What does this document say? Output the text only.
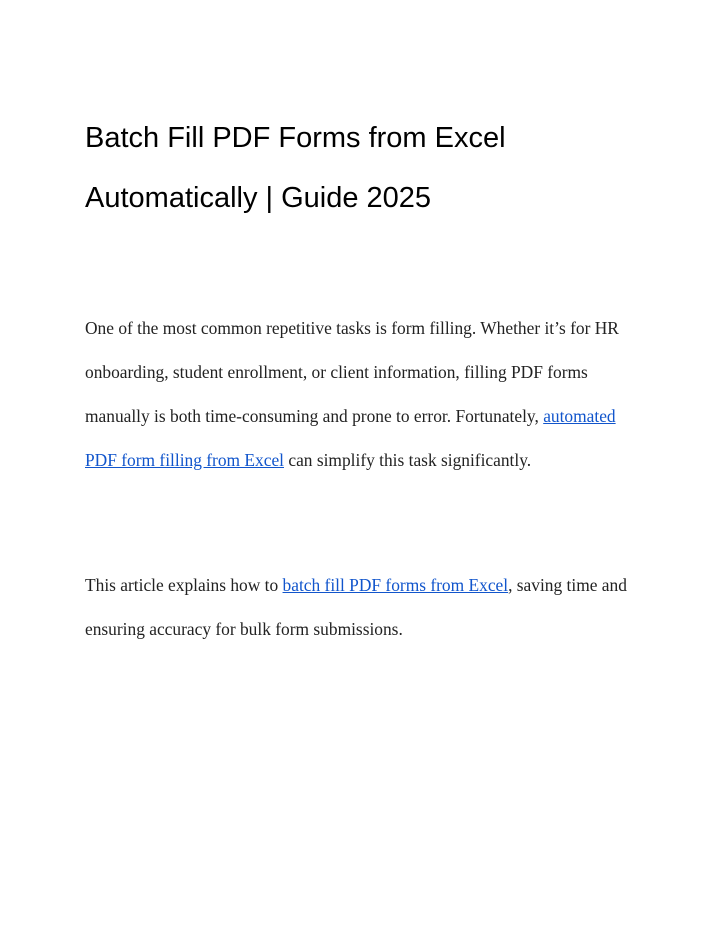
Batch Fill PDF Forms from Excel
Automatically | Guide 2025

One of the most common repetitive tasks is form filling. Whether it’s for HR onboarding, student enrollment, or client information, filling PDF forms manually is both time-consuming and prone to error. Fortunately, automated PDF form filling from Excel can simplify this task significantly.

This article explains how to batch fill PDF forms from Excel, saving time and ensuring accuracy for bulk form submissions.
